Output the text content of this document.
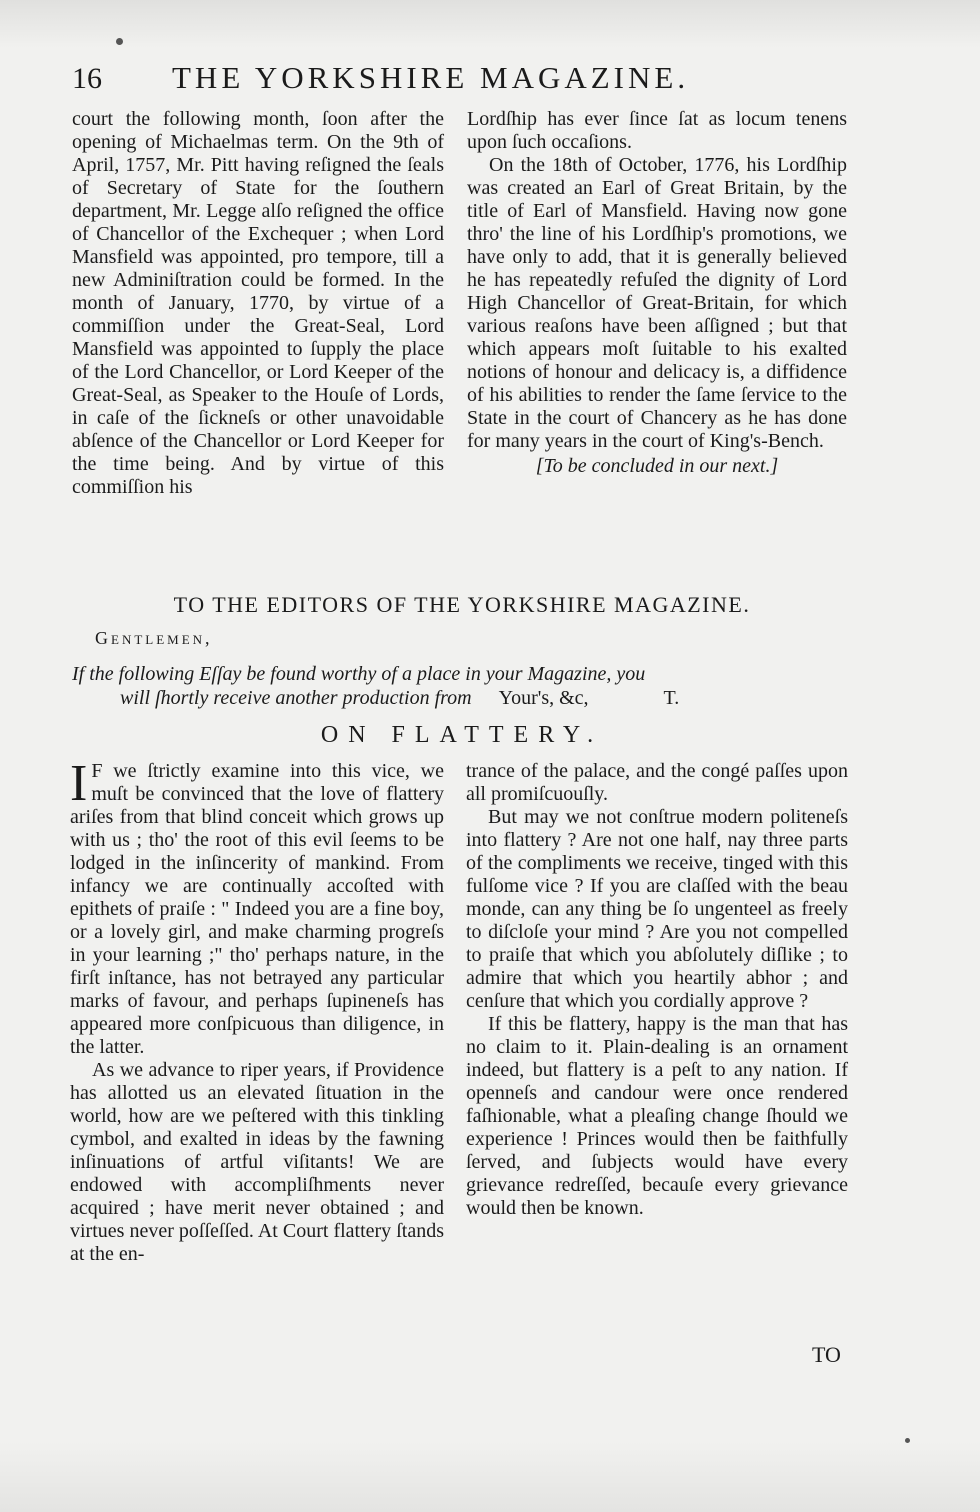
16 THE YORKSHIRE MAGAZINE.

court the following month, ſoon after the opening of Michaelmas term. On the 9th of April, 1757, Mr. Pitt having reſigned the ſeals of Secretary of State for the ſouthern department, Mr. Legge alſo reſigned the office of Chancellor of the Exchequer ; when Lord Mansfield was appointed, pro tempore, till a new Adminiſtration could be formed. In the month of January, 1770, by virtue of a commiſſion under the Great-Seal, Lord Mansfield was appointed to ſupply the place of the Lord Chancellor, or Lord Keeper of the Great-Seal, as Speaker to the Houſe of Lords, in caſe of the ſickneſs or other unavoidable abſence of the Chancellor or Lord Keeper for the time being. And by virtue of this commiſſion his

Lordſhip has ever ſince ſat as locum tenens upon ſuch occaſions.

On the 18th of October, 1776, his Lordſhip was created an Earl of Great Britain, by the title of Earl of Mansfield. Having now gone thro' the line of his Lordſhip's promotions, we have only to add, that it is generally believed he has repeatedly refuſed the dignity of Lord High Chancellor of Great-Britain, for which various reaſons have been aſſigned ; but that which appears moſt ſuitable to his exalted notions of honour and delicacy is, a diffidence of his abilities to render the ſame ſervice to the State in the court of Chancery as he has done for many years in the court of King's-Bench.

[To be concluded in our next.]
TO THE EDITORS OF THE YORKSHIRE MAGAZINE.
Gentlemen,
If the following Eſſay be found worthy of a place in your Magazine, you
will ſhortly receive another production from Your's, &c,	T.
ON FLATTERY.

I F we ſtrictly examine into this vice, we muſt be convinced that the love of flattery ariſes from that blind conceit which grows up with us ; tho' the root of this evil ſeems to be lodged in the inſincerity of mankind. From infancy we are continually accoſted with epithets of praiſe : " Indeed you are a fine boy, or a lovely girl, and make charming progreſs in your learning ;" tho' perhaps nature, in the firſt inſtance, has not betrayed any particular marks of favour, and perhaps ſupineneſs has appeared more conſpicuous than diligence, in the latter.

As we advance to riper years, if Providence has allotted us an elevated ſituation in the world, how are we peſtered with this tinkling cymbol, and exalted in ideas by the fawning inſinuations of artful viſitants! We are endowed with accompliſhments never acquired ; have merit never obtained ; and virtues never poſſeſſed. At Court flattery ſtands at the en-

trance of the palace, and the congé paſſes upon all promiſcuouſly.

But may we not conſtrue modern politeneſs into flattery ? Are not one half, nay three parts of the compliments we receive, tinged with this fulſome vice ? If you are claſſed with the beau monde, can any thing be ſo ungenteel as freely to diſcloſe your mind ? Are you not compelled to praiſe that which you abſolutely diſlike ; to admire that which you heartily abhor ; and cenſure that which you cordially approve ?

If this be flattery, happy is the man that has no claim to it. Plain-dealing is an ornament indeed, but flattery is a peſt to any nation. If openneſs and candour were once rendered faſhionable, what a pleaſing change ſhould we experience ! Princes would then be faithfully ſerved, and ſubjects would have every grievance redreſſed, becauſe every grievance would then be known.

TO
